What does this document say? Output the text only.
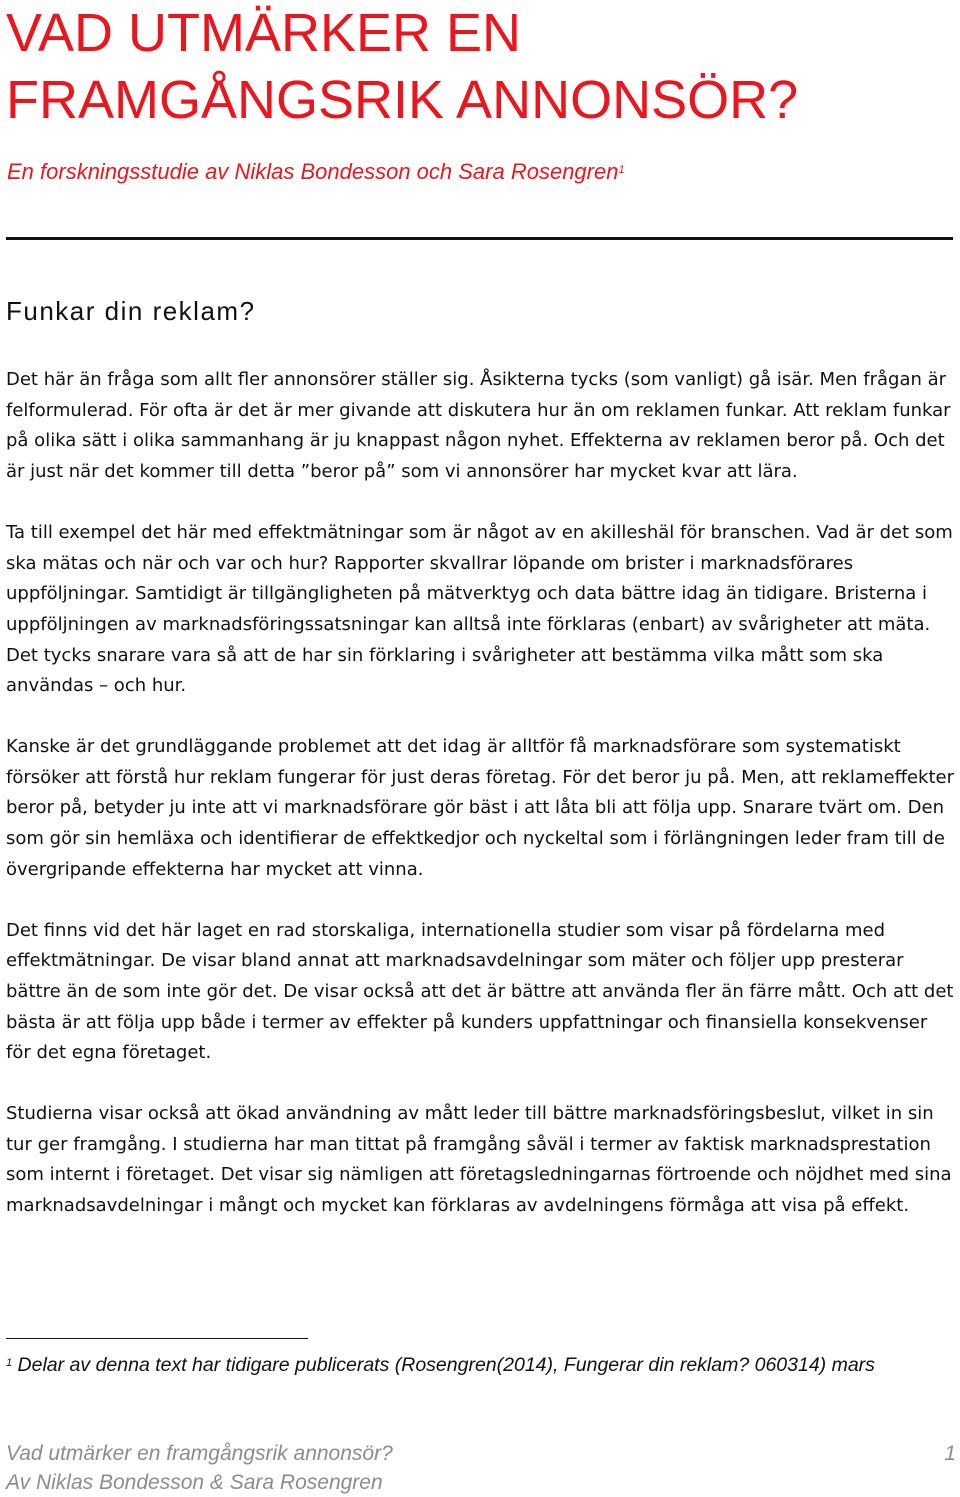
VAD UTMÄRKER EN FRAMGÅNGSRIK ANNONSÖR?
En forskningsstudie av Niklas Bondesson och Sara Rosengren$^1$
Funkar din reklam?

Det här än fråga som allt fler annonsörer ställer sig. Åsikterna tycks (som vanligt) gå isär. Men frågan är felformulerad. För ofta är det är mer givande att diskutera hur än om reklamen funkar. Att reklam funkar på olika sätt i olika sammanhang är ju knappast någon nyhet. Effekterna av reklamen beror på. Och det är just när det kommer till detta ”beror på” som vi annonsörer har mycket kvar att lära.

Ta till exempel det här med effektmätningar som är något av en akilleshäl för branschen. Vad är det som ska mätas och när och var och hur? Rapporter skvallrar löpande om brister i marknadsförares uppföljningar. Samtidigt är tillgängligheten på mätverktyg och data bättre idag än tidigare. Bristerna i uppföljningen av marknadsföringssatsningar kan alltså inte förklaras (enbart) av svårigheter att mäta. Det tycks snarare vara så att de har sin förklaring i svårigheter att bestämma vilka mått som ska användas – och hur.

Kanske är det grundläggande problemet att det idag är alltför få marknadsförare som systematiskt försöker att förstå hur reklam fungerar för just deras företag. För det beror ju på. Men, att reklameffekter beror på, betyder ju inte att vi marknadsförare gör bäst i att låta bli att följa upp. Snarare tvärt om. Den som gör sin hemläxa och identifierar de effektkedjor och nyckeltal som i förlängningen leder fram till de övergripande effekterna har mycket att vinna.

Det finns vid det här laget en rad storskaliga, internationella studier som visar på fördelarna med effektmätningar. De visar bland annat att marknadsavdelningar som mäter och följer upp presterar bättre än de som inte gör det. De visar också att det är bättre att använda fler än färre mått. Och att det bästa är att följa upp både i termer av effekter på kunders uppfattningar och finansiella konsekvenser för det egna företaget.

Studierna visar också att ökad användning av mått leder till bättre marknadsföringsbeslut, vilket in sin tur ger framgång. I studierna har man tittat på framgång såväl i termer av faktisk marknadsprestation som internt i företaget. Det visar sig nämligen att företagsledningarnas förtroende och nöjdhet med sina marknadsavdelningar i mångt och mycket kan förklaras av avdelningens förmåga att visa på effekt.

$^1$ Delar av denna text har tidigare publicerats (Rosengren(2014), Fungerar din reklam? 060314) mars

Vad utmärker en framgångsrik annonsör?
Av Niklas Bondesson & Sara Rosengren
1
